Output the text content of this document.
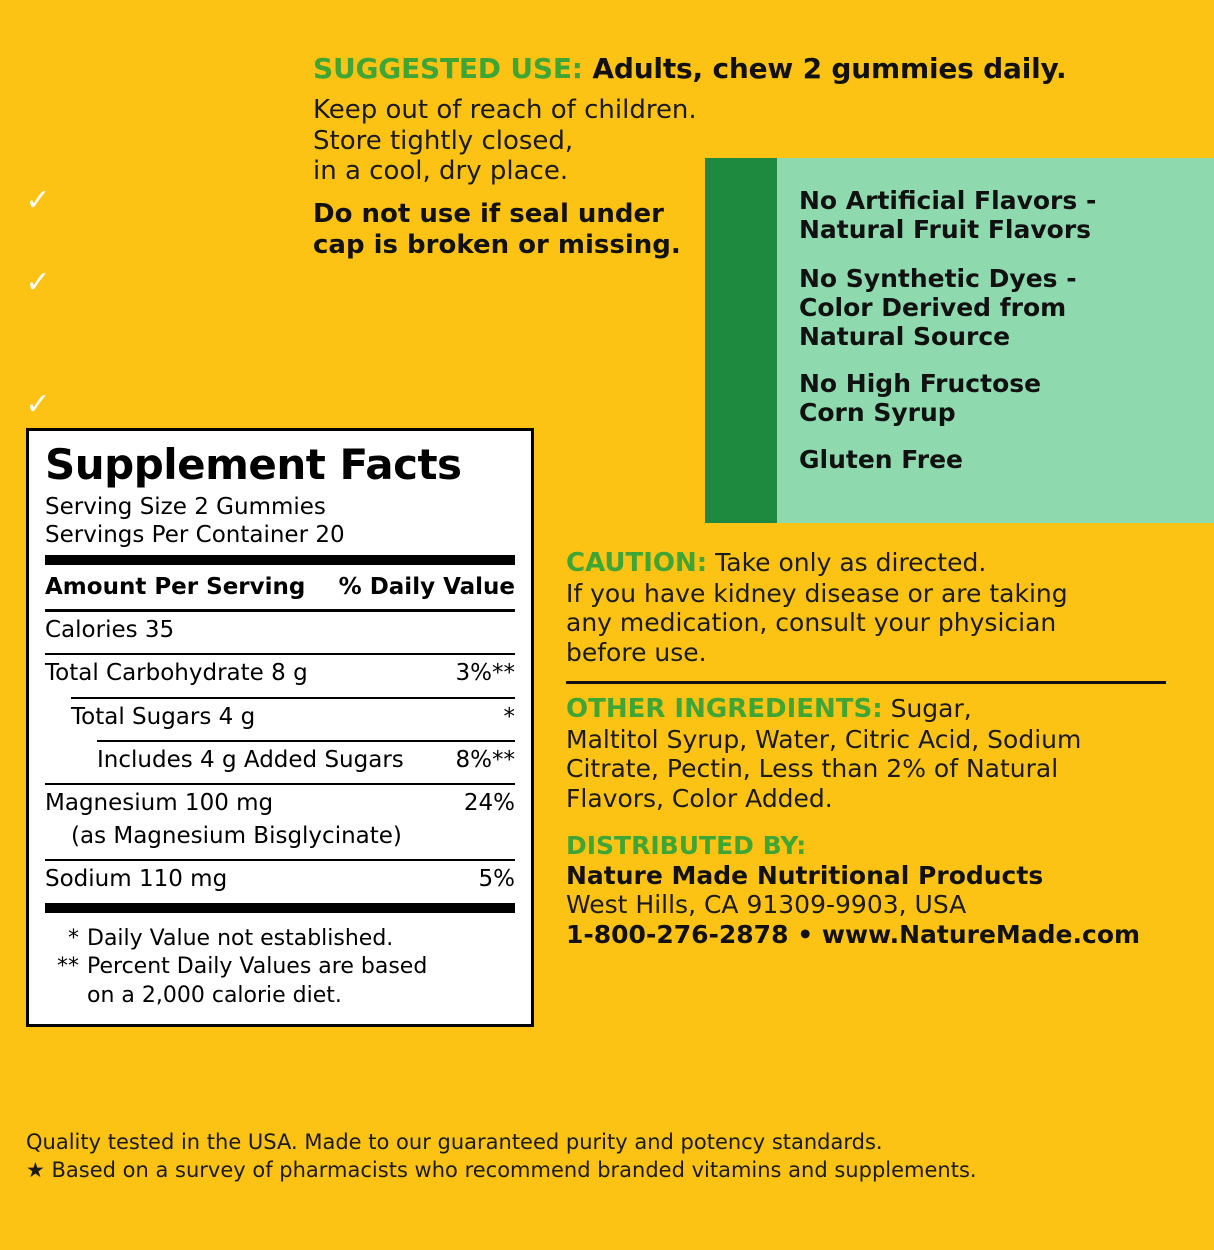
SUGGESTED USE: Adults, chew 2 gummies daily.
Keep out of reach of children.
Store tightly closed,
in a cool, dry place.
Do not use if seal under
cap is broken or missing.
No Artificial Flavors -
Natural Fruit Flavors
No Synthetic Dyes -
Color Derived from
Natural Source
No High Fructose
Corn Syrup
Gluten Free
✓
✓
✓
Supplement Facts
Serving Size 2 Gummies
Servings Per Container 20
Amount Per Serving % Daily Value
Calories 35
Total Carbohydrate 8 g	3%**
Total Sugars 4 g	*
Includes 4 g Added Sugars 8%**
Magnesium 100 mg	24%
(as Magnesium Bisglycinate)
Sodium 110 mg	5%
* Daily Value not established.
** Percent Daily Values are based
on a 2,000 calorie diet.

CAUTION: Take only as directed.

If you have kidney disease or are taking

any medication, consult your physician

before use.

OTHER INGREDIENTS: Sugar,

Maltitol Syrup, Water, Citric Acid, Sodium

Citrate, Pectin, Less than 2% of Natural

Flavors, Color Added.

DISTRIBUTED BY:

Nature Made Nutritional Products

West Hills, CA 91309-9903, USA

1-800-276-2878 • www.NatureMade.com

Quality tested in the USA. Made to our guaranteed purity and potency standards.
★ Based on a survey of pharmacists who recommend branded vitamins and supplements.
